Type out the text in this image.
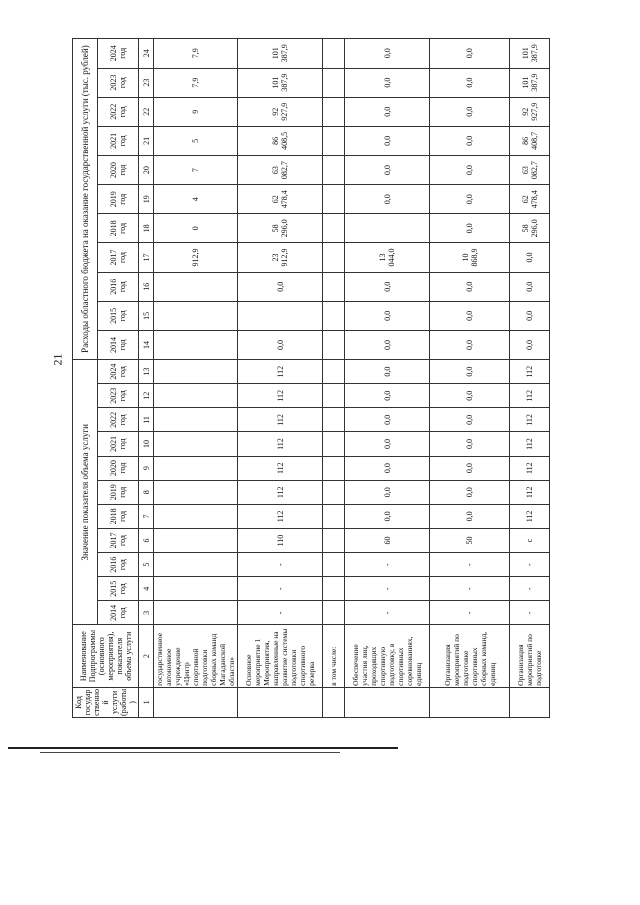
21
Код государственной услуги (работы)	Наименование Подпрограммы (основного мероприятия), показателя объема услуги	Значение показателя объема услуги											Расходы областного бюджета на оказание государственной услуги (тыс. рублей)										
		2014 год	2015 год	2016 год	2017 год	2018 год	2019 год	2020 год	2021 год	2022 год	2023 год	2024 год	2014 год	2015 год	2016 год	2017 год	2018 год	2019 год	2020 год	2021 год	2022 год	2023 год	2024 год
1	2	3	4	5	6	7	8	9	10	11	12	13	14	15	16	17	18	19	20	21	22	23	24
	государственное автономное учреждение «Центр спортивной подготовки сборных команд Магаданской области»															912,9	0	4	7	5	9	7,9	7,9
	Основное мероприятие 1 Мероприятия, направленные на развитие системы подготовки спортивного резерва	-	-	-	110	112	112	112	112	112	112	112	0,0		0,0	23 912,9	58 296,0	62 478,4	63 082,7	86 408,5	92 927,9	101 387,9	101 387,9
	в том числе:																						
	Обеспечение участия лиц, проходящих спортивную подготовку, в спортивных соревнованиях, единиц	-	-	-	60	0,0	0,0	0,0	0,0	0,0	0,0	0,0	0,0	0,0	0,0	13 044,0		0,0	0,0	0,0	0,0	0,0	0,0
	Организация мероприятий по подготовке спортивных сборных команд, единиц	-	-	-	50	0,0	0,0	0,0	0,0	0,0	0,0	0,0	0,0	0,0	0,0	10 868,9	0,0	0,0	0,0	0,0	0,0	0,0	0,0
	Организация мероприятий по подготовке	-	-	-	с	112	112	112	112	112	112	112	0,0	0,0	0,0	0,0	58 296,0	62 478,4	63 082,7	86 408,7	92 927,9	101 387,9	101 387,9
